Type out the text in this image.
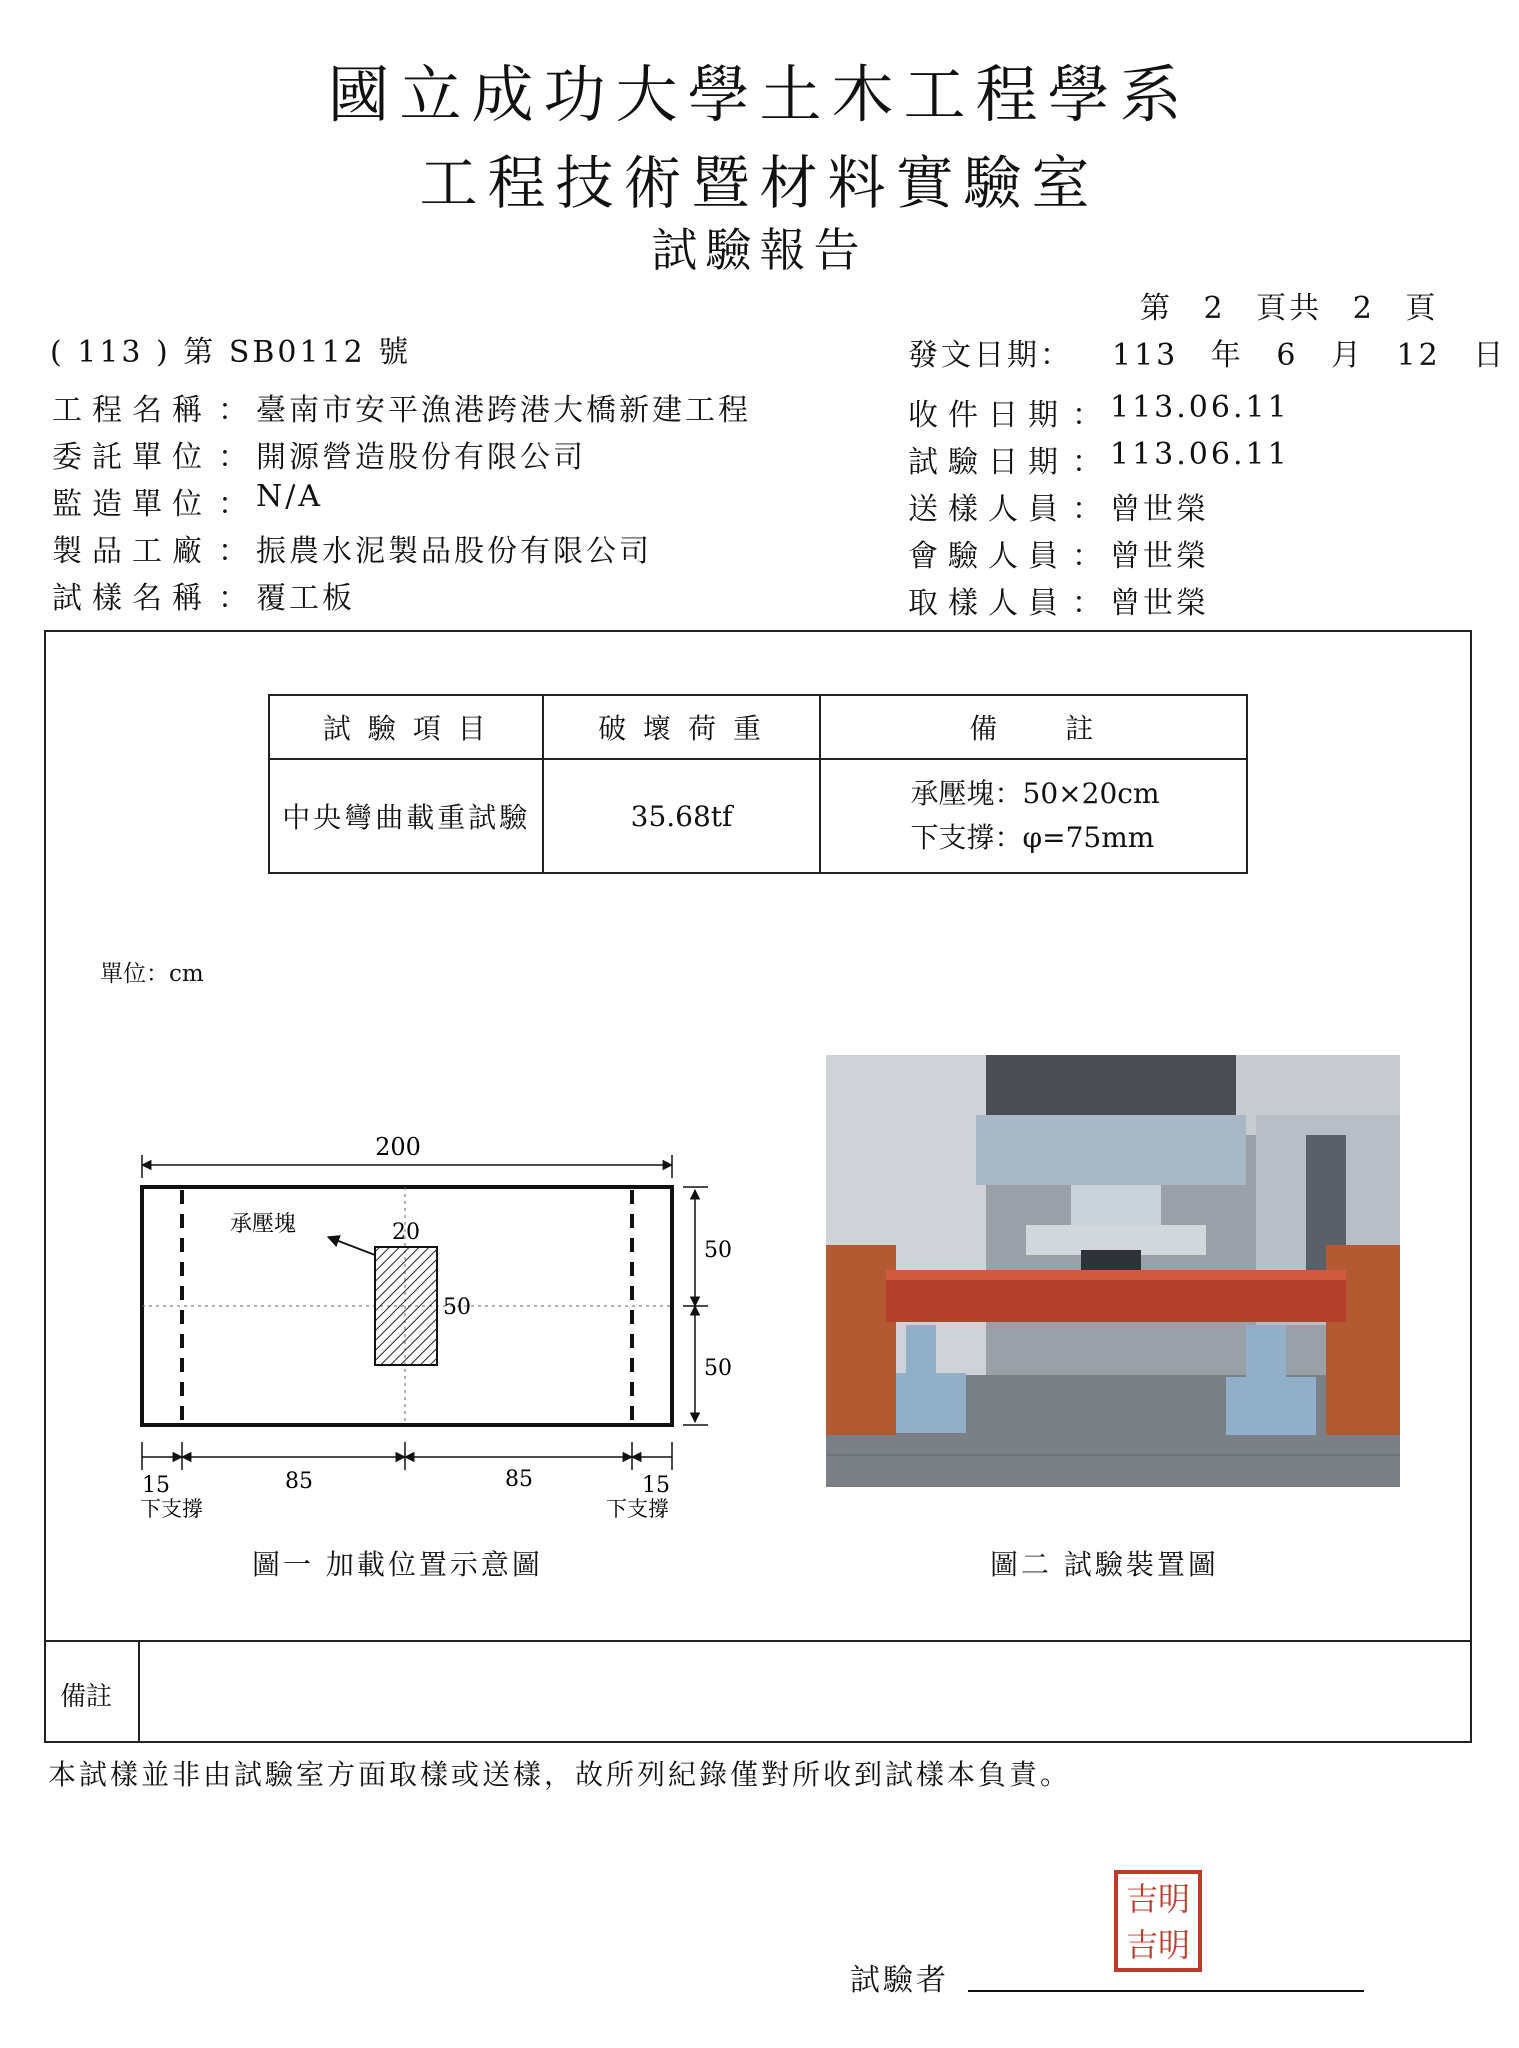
國立成功大學土木工程學系
工程技術暨材料實驗室
試驗報告
第 2 頁共 2 頁
( 113 ) 第 SB0112 號	發文日期： 113 年 6 月 12 日
工程名稱 ： 臺南市安平漁港跨港大橋新建工程
委託單位 ： 開源營造股份有限公司
監造單位 ： N/A
製品工廠 ： 振農水泥製品股份有限公司
試樣名稱 ： 覆工板
收件日期 ： 113.06.11
試驗日期 ： 113.06.11
送樣人員 ： 曾世榮
會驗人員 ： 曾世榮
取樣人員 ： 曾世榮
試 驗 項 目	破 壞 荷 重	備　　註
中央彎曲載重試驗	35.68tf	承壓塊：50×20cm
下支撐：φ=75mm
單位：cm
200
20
50
承壓塊
50
50
15	85	85	15
下支撐	下支撐
圖一 加載位置示意圖	圖二 試驗裝置圖
備註
本試樣並非由試驗室方面取樣或送樣，故所列紀錄僅對所收到試樣本負責。
吉明吉明
試驗者
